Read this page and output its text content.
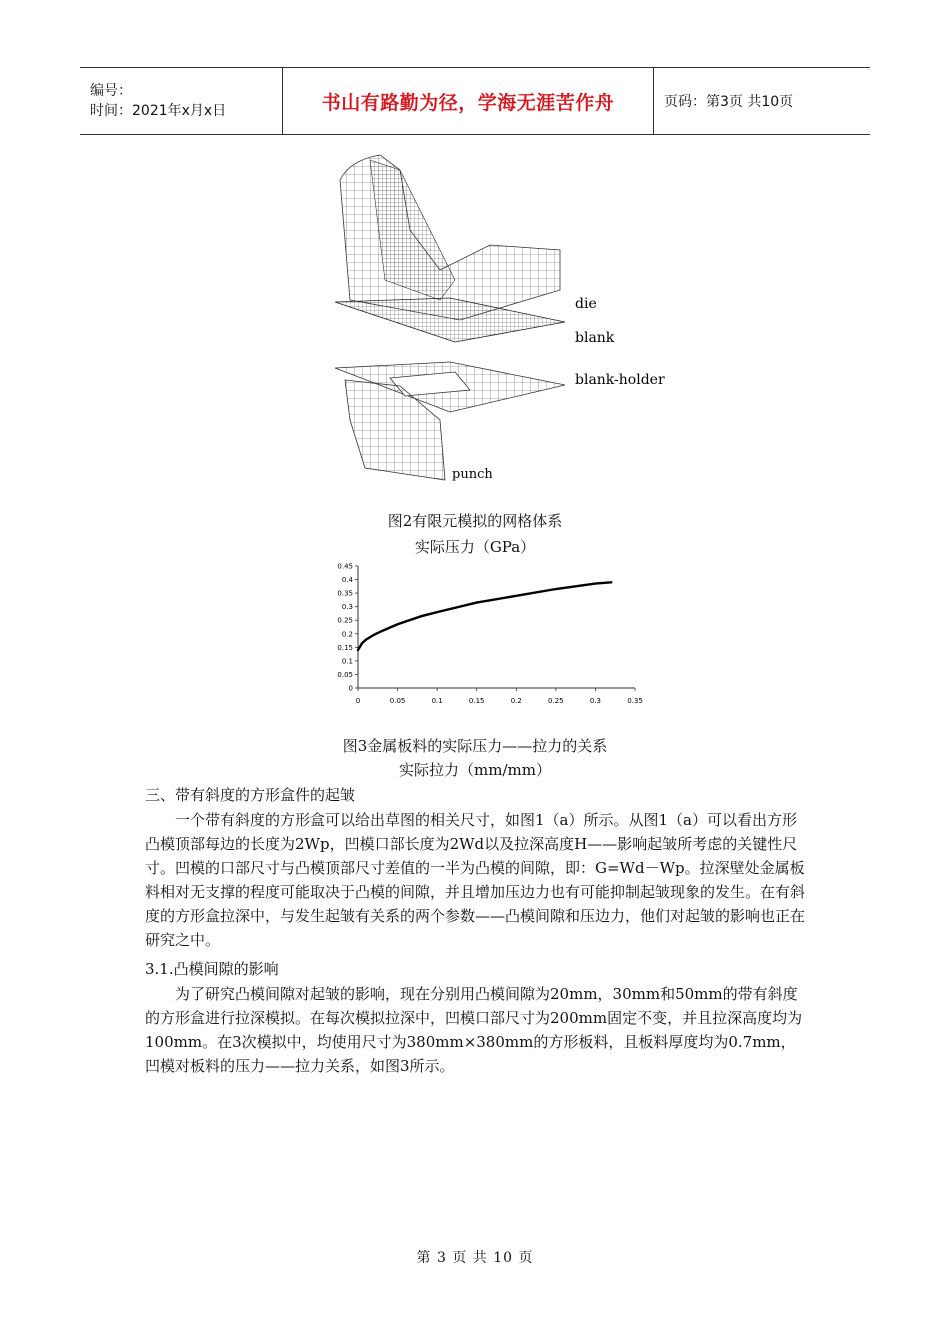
编号：
时间：2021年x月x日	书山有路勤为径，学海无涯苦作舟	页码：第3页 共10页
die
blank
blank-holder
punch
图2有限元模拟的网格体系
实际压力（GPa）
0
0.05
0.1
0.15
0.2
0.25
0.3
0.35
0.4
0.45
0	0.05	0.1	0.15	0.2	0.25	0.3	0.35
图3金属板料的实际压力——拉力的关系
实际拉力（mm/mm）
三、带有斜度的方形盒件的起皱
一个带有斜度的方形盒可以给出草图的相关尺寸，如图1（a）所示。从图1（a）可以看出方形凸模顶部每边的长度为2Wp，凹模口部长度为2Wd以及拉深高度H——影响起皱所考虑的关键性尺寸。凹模的口部尺寸与凸模顶部尺寸差值的一半为凸模的间隙，即：G=Wd－Wp。拉深壁处金属板料相对无支撑的程度可能取决于凸模的间隙，并且增加压边力也有可能抑制起皱现象的发生。在有斜度的方形盒拉深中，与发生起皱有关系的两个参数——凸模间隙和压边力，他们对起皱的影响也正在研究之中。
3.1.凸模间隙的影响
为了研究凸模间隙对起皱的影响，现在分别用凸模间隙为20mm，30mm和50mm的带有斜度的方形盒进行拉深模拟。在每次模拟拉深中，凹模口部尺寸为200mm固定不变，并且拉深高度均为100mm。在3次模拟中，均使用尺寸为380mm×380mm的方形板料，且板料厚度均为0.7mm，凹模对板料的压力——拉力关系，如图3所示。
第 3 页 共 10 页
